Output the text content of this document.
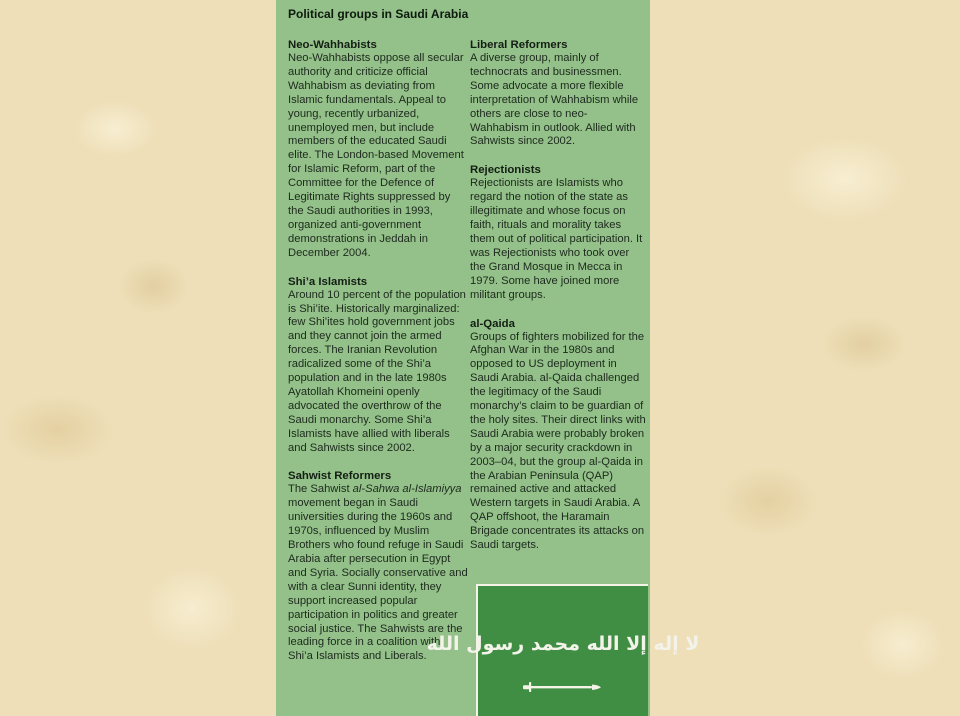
Political groups in Saudi Arabia
Neo-Wahhabists

Neo-Wahhabists oppose all secular authority and criticize official Wahhabism as deviating from Islamic fundamentals. Appeal to young, recently urbanized, unemployed men, but include members of the educated Saudi elite. The London-based Movement for Islamic Reform, part of the Committee for the Defence of Legitimate Rights suppressed by the Saudi authorities in 1993, organized anti-government demonstrations in Jeddah in December 2004.

Shi’a Islamists

Around 10 percent of the population is Shi’ite. Historically marginalized: few Shi’ites hold government jobs and they cannot join the armed forces. The Iranian Revolution radicalized some of the Shi’a population and in the late 1980s Ayatollah Khomeini openly advocated the overthrow of the Saudi monarchy. Some Shi’a Islamists have allied with liberals and Sahwists since 2002.

Sahwist Reformers

The Sahwist al-Sahwa al-Islamiyya movement began in Saudi universities during the 1960s and 1970s, influenced by Muslim Brothers who found refuge in Saudi Arabia after persecution in Egypt and Syria. Socially conservative and with a clear Sunni identity, they support increased popular participation in politics and greater social justice. The Sahwists are the leading force in a coalition with Shi’a Islamists and Liberals.

Liberal Reformers

A diverse group, mainly of technocrats and businessmen. Some advocate a more flexible interpretation of Wahhabism while others are close to neo-Wahhabism in outlook. Allied with Sahwists since 2002.

Rejectionists

Rejectionists are Islamists who regard the notion of the state as illegitimate and whose focus on faith, rituals and morality takes them out of political participation. It was Rejectionists who took over the Grand Mosque in Mecca in 1979. Some have joined more militant groups.

al-Qaida

Groups of fighters mobilized for the Afghan War in the 1980s and opposed to US deployment in Saudi Arabia. al-Qaida challenged the legitimacy of the Saudi monarchy’s claim to be guardian of the holy sites. Their direct links with Saudi Arabia were probably broken by a major security crackdown in 2003–04, but the group al-Qaida in the Arabian Peninsula (QAP) remained active and attacked Western targets in Saudi Arabia. A QAP offshoot, the Haramain Brigade concentrates its attacks on Saudi targets.

لا إله إلا الله محمد رسول الله
